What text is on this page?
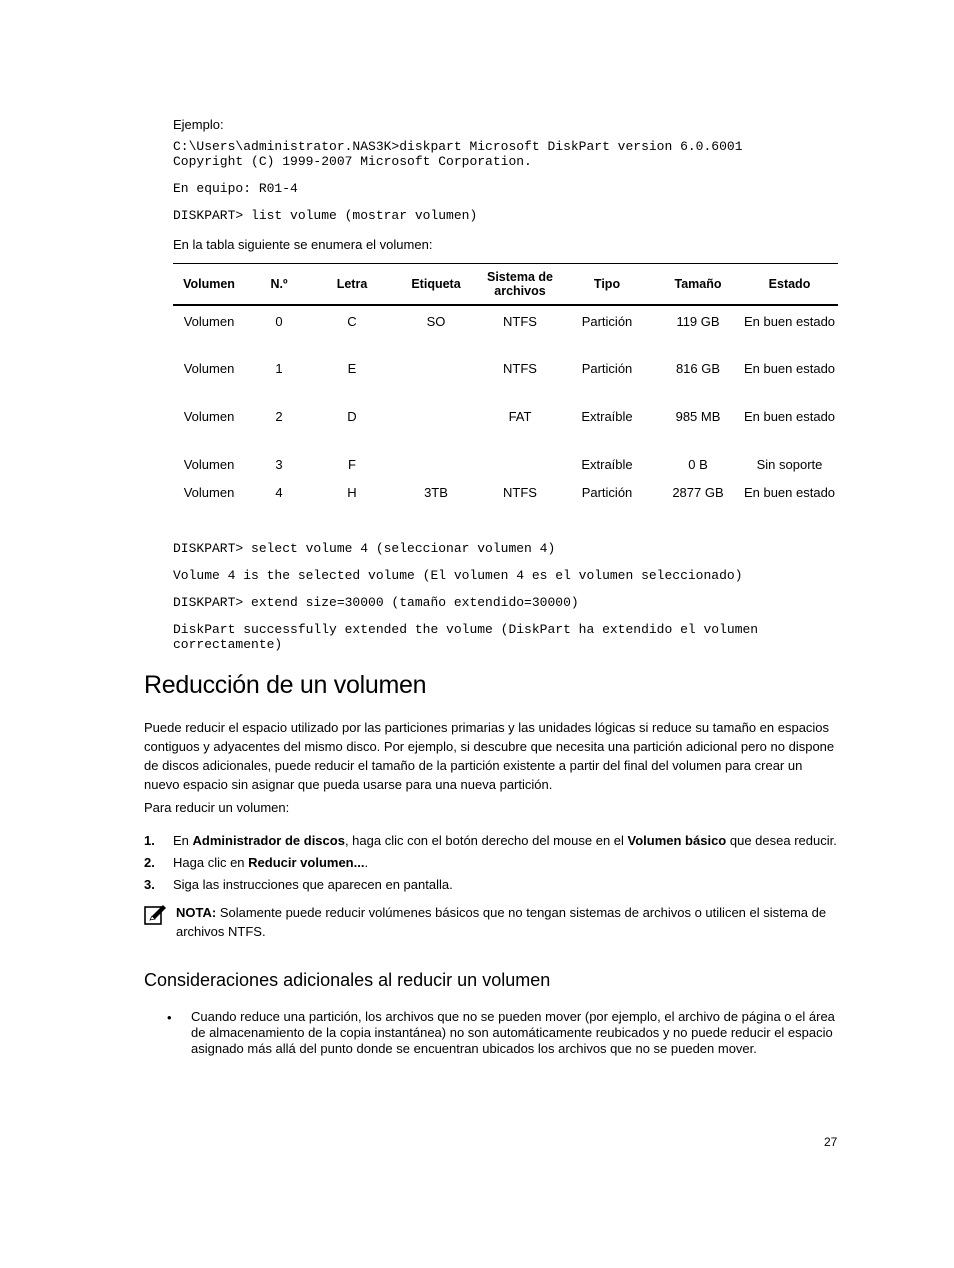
Ejemplo:
C:\Users\administrator.NAS3K>diskpart Microsoft DiskPart version 6.0.6001
Copyright (C) 1999-2007 Microsoft Corporation.
En equipo: R01-4
DISKPART> list volume (mostrar volumen)
En la tabla siguiente se enumera el volumen:
Volumen	N.º	Letra	Etiqueta	Sistema de archivos	Tipo	Tamaño	Estado
Volumen	0	C	SO	NTFS	Partición	119 GB	En buen estado
Volumen	1	E		NTFS	Partición	816 GB	En buen estado
Volumen	2	D		FAT	Extraíble	985 MB	En buen estado
Volumen	3	F			Extraíble	0 B	Sin soporte
Volumen	4	H	3TB	NTFS	Partición	2877 GB	En buen estado
DISKPART> select volume 4 (seleccionar volumen 4)
Volume 4 is the selected volume (El volumen 4 es el volumen seleccionado)
DISKPART> extend size=30000 (tamaño extendido=30000)
DiskPart successfully extended the volume (DiskPart ha extendido el volumen
correctamente)
Reducción de un volumen
Puede reducir el espacio utilizado por las particiones primarias y las unidades lógicas si reduce su tamaño en espacios
contiguos y adyacentes del mismo disco. Por ejemplo, si descubre que necesita una partición adicional pero no dispone
de discos adicionales, puede reducir el tamaño de la partición existente a partir del final del volumen para crear un
nuevo espacio sin asignar que pueda usarse para una nueva partición.
Para reducir un volumen:
1. En Administrador de discos, haga clic con el botón derecho del mouse en el Volumen básico que desea reducir.
2. Haga clic en Reducir volumen....
3. Siga las instrucciones que aparecen en pantalla.
NOTA: Solamente puede reducir volúmenes básicos que no tengan sistemas de archivos o utilicen el sistema de
archivos NTFS.
Consideraciones adicionales al reducir un volumen
• Cuando reduce una partición, los archivos que no se pueden mover (por ejemplo, el archivo de página o el área
de almacenamiento de la copia instantánea) no son automáticamente reubicados y no puede reducir el espacio
asignado más allá del punto donde se encuentran ubicados los archivos que no se pueden mover.
27
